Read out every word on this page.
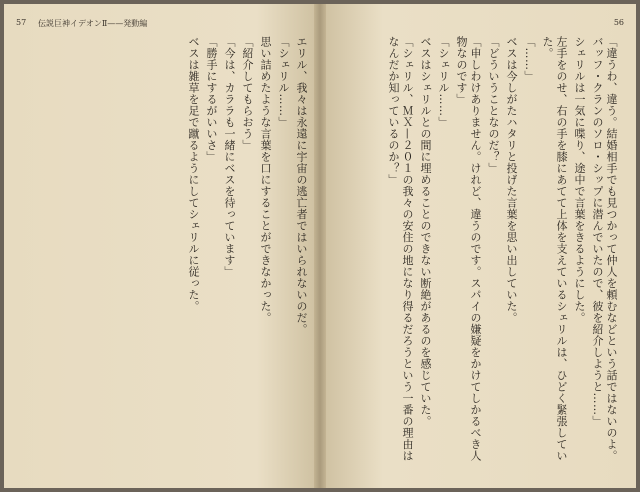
57 伝説巨神イデオンⅡ——発動編
エリル、我々は永遠に宇宙の逃亡者ではいられないのだ。
「シェリル……」
思い詰めたような言葉を口にすることができなかった。
「紹介してもらおう」
「今は、カララも一緒にベスを待っています」
「勝手にするがいいさ」
ベスは雑草を足で蹴るようにしてシェリルに従った。
56
「違うわ、違う。結婚相手でも見つかって仲人を頼むなどという話ではないのよ。バッフ・クランのソロ・シップに潜んでいたので、彼を紹介しようと……」
シェリルは一気に喋り、途中で言葉をきるようにした。
左手をのせ、右の手を膝にあてて上体を支えているシェリルは、ひどく緊張していた。
「……」
ベスは今しがたハタリと投げた言葉を思い出していた。
「どういうことなのだ？」
「申しわけありません。けれど、違うのです。スパイの嫌疑をかけてしかるべき人物なのです」
「シェリル……」
ベスはシェリルとの間に埋めることのできない断絶があるのを感じていた。
「シェリル、ＭＸ—２０１の我々の安住の地になり得るだろうという一番の理由はなんだか知っているのか？」
